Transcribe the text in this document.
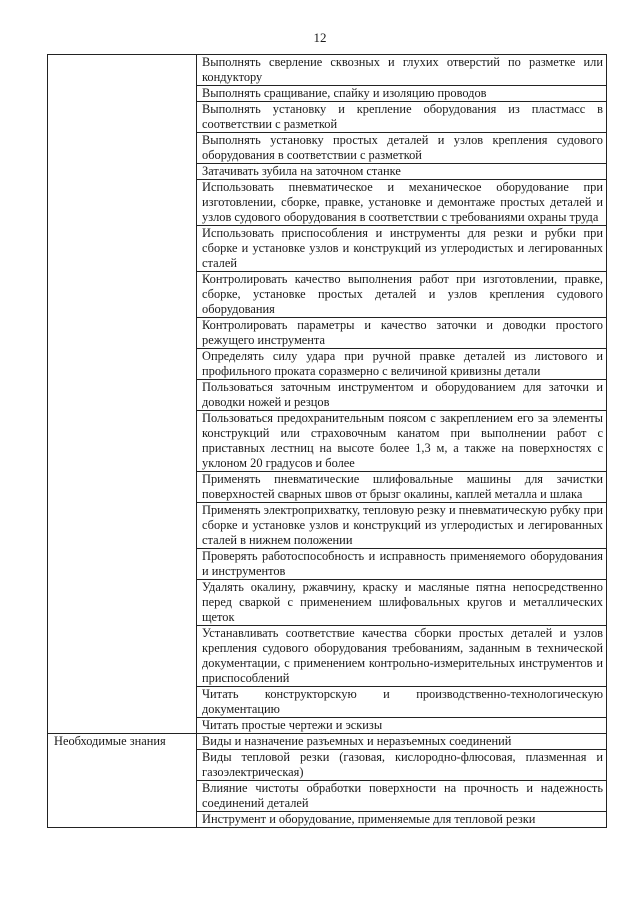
12
	Выполнять сверление сквозных и глухих отверстий по разметке или кондуктору
	Выполнять сращивание, спайку и изоляцию проводов
	Выполнять установку и крепление оборудования из пластмасс в соответствии с разметкой
	Выполнять установку простых деталей и узлов крепления судового оборудования в соответствии с разметкой
	Затачивать зубила на заточном станке
	Использовать пневматическое и механическое оборудование при изготовлении, сборке, правке, установке и демонтаже простых деталей и узлов судового оборудования в соответствии с требованиями охраны труда
	Использовать приспособления и инструменты для резки и рубки при сборке и установке узлов и конструкций из углеродистых и легированных сталей
	Контролировать качество выполнения работ при изготовлении, правке, сборке, установке простых деталей и узлов крепления судового оборудования
	Контролировать параметры и качество заточки и доводки простого режущего инструмента
	Определять силу удара при ручной правке деталей из листового и профильного проката соразмерно с величиной кривизны детали
	Пользоваться заточным инструментом и оборудованием для заточки и доводки ножей и резцов
	Пользоваться предохранительным поясом с закреплением его за элементы конструкций или страховочным канатом при выполнении работ с приставных лестниц на высоте более 1,3 м, а также на поверхностях с уклоном 20 градусов и более
	Применять пневматические шлифовальные машины для зачистки поверхностей сварных швов от брызг окалины, каплей металла и шлака
	Применять электроприхватку, тепловую резку и пневматическую рубку при сборке и установке узлов и конструкций из углеродистых и легированных сталей в нижнем положении
	Проверять работоспособность и исправность применяемого оборудования и инструментов
	Удалять окалину, ржавчину, краску и масляные пятна непосредственно перед сваркой с применением шлифовальных кругов и металлических щеток
	Устанавливать соответствие качества сборки простых деталей и узлов крепления судового оборудования требованиям, заданным в технической документации, с применением контрольно-измерительных инструментов и приспособлений
	Читать конструкторскую и производственно-технологическую документацию
	Читать простые чертежи и эскизы
Необходимые знания	Виды и назначение разъемных и неразъемных соединений
	Виды тепловой резки (газовая, кислородно-флюсовая, плазменная и газоэлектрическая)
	Влияние чистоты обработки поверхности на прочность и надежность соединений деталей
	Инструмент и оборудование, применяемые для тепловой резки
